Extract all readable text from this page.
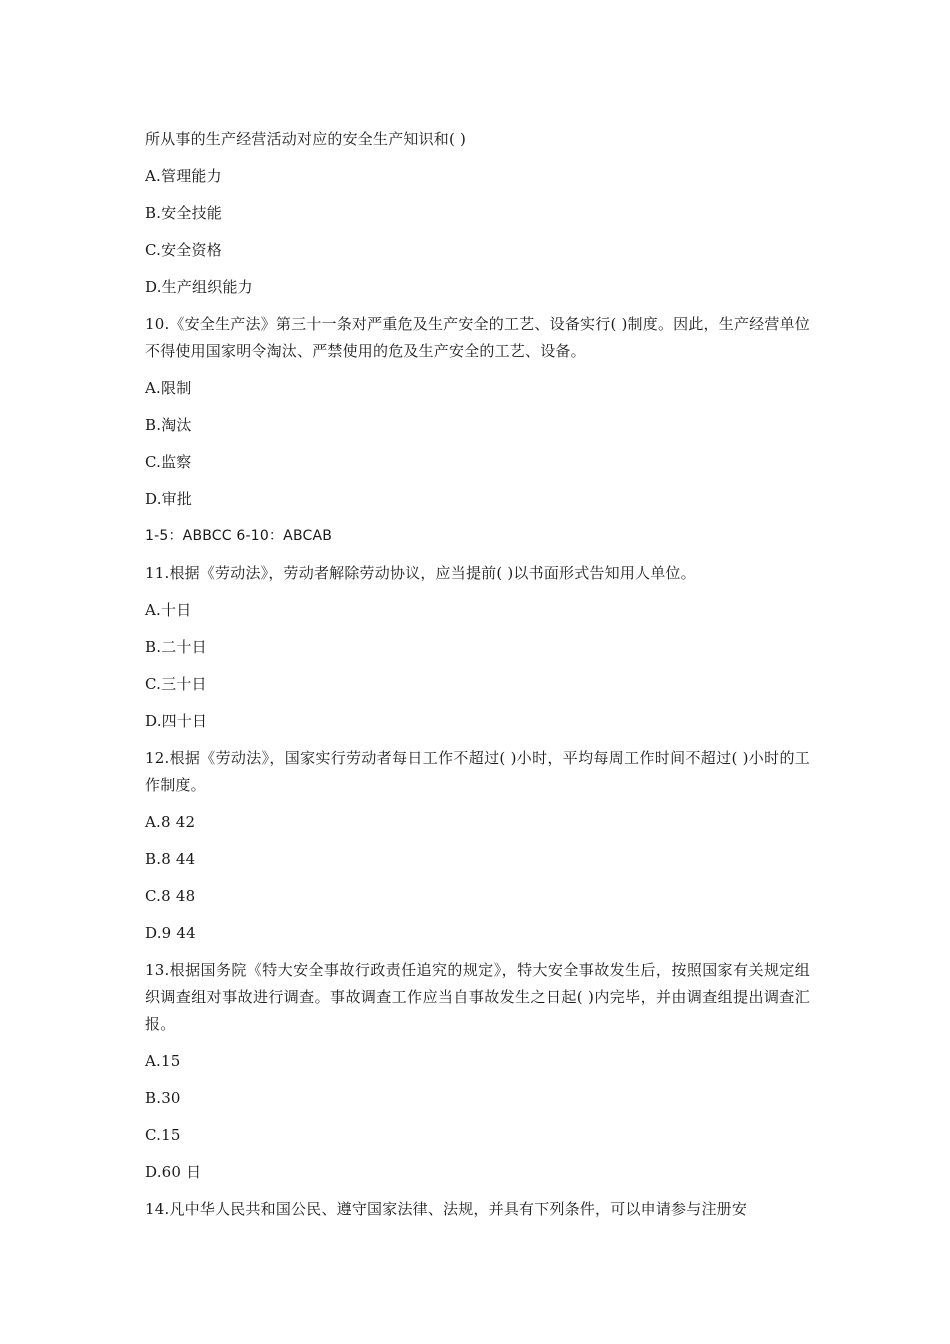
所从事的生产经营活动对应的安全生产知识和( )

A.管理能力

B.安全技能

C.安全资格

D.生产组织能力

10.《安全生产法》第三十一条对严重危及生产安全的工艺、设备实行( )制度。因此，生产经营单位不得使用国家明令淘汰、严禁使用的危及生产安全的工艺、设备。

A.限制

B.淘汰

C.监察

D.审批

1-5：ABBCC 6-10：ABCAB

11.根据《劳动法》，劳动者解除劳动协议，应当提前( )以书面形式告知用人单位。

A.十日

B.二十日

C.三十日

D.四十日

12.根据《劳动法》，国家实行劳动者每日工作不超过( )小时，平均每周工作时间不超过( )小时的工作制度。

A.8 42

B.8 44

C.8 48

D.9 44

13.根据国务院《特大安全事故行政责任追究的规定》，特大安全事故发生后，按照国家有关规定组织调查组对事故进行调查。事故调查工作应当自事故发生之日起( )内完毕，并由调查组提出调查汇报。

A.15

B.30

C.15

D.60 日

14.凡中华人民共和国公民、遵守国家法律、法规，并具有下列条件，可以申请参与注册安
